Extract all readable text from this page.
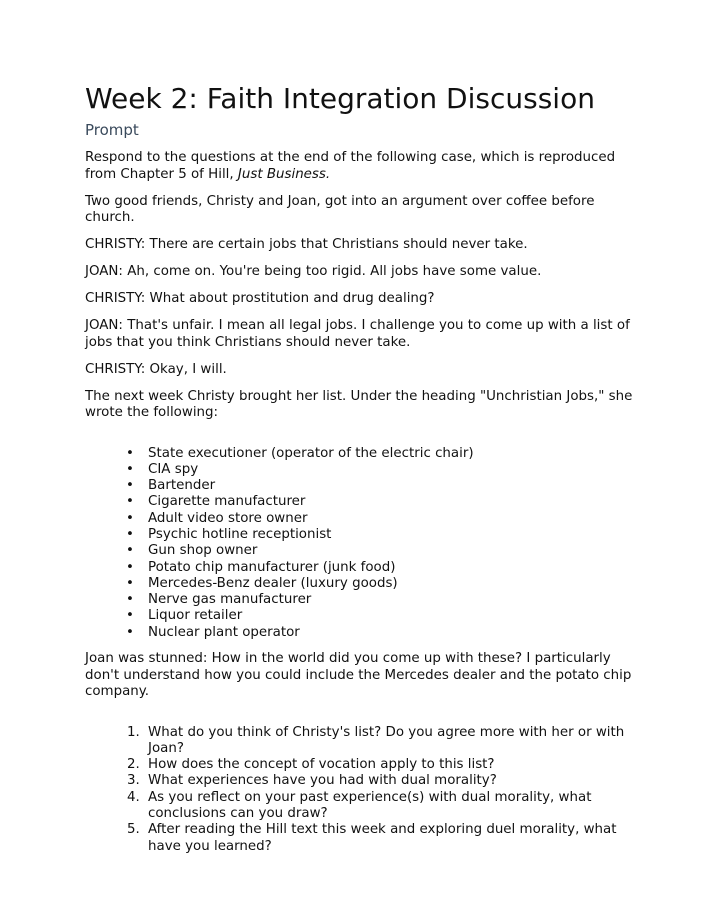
Week 2: Faith Integration Discussion
Prompt

Respond to the questions at the end of the following case, which is reproduced from Chapter 5 of Hill, Just Business.

Two good friends, Christy and Joan, got into an argument over coffee before church.

CHRISTY: There are certain jobs that Christians should never take.

JOAN: Ah, come on. You're being too rigid. All jobs have some value.

CHRISTY: What about prostitution and drug dealing?

JOAN: That's unfair. I mean all legal jobs. I challenge you to come up with a list of jobs that you think Christians should never take.

CHRISTY: Okay, I will.

The next week Christy brought her list. Under the heading "Unchristian Jobs," she wrote the following:

• State executioner (operator of the electric chair)
• CIA spy
• Bartender
• Cigarette manufacturer
• Adult video store owner
• Psychic hotline receptionist
• Gun shop owner
• Potato chip manufacturer (junk food)
• Mercedes-Benz dealer (luxury goods)
• Nerve gas manufacturer
• Liquor retailer
• Nuclear plant operator

Joan was stunned: How in the world did you come up with these? I particularly don't understand how you could include the Mercedes dealer and the potato chip company.

1. What do you think of Christy's list? Do you agree more with her or with Joan?
2. How does the concept of vocation apply to this list?
3. What experiences have you had with dual morality?
4. As you reflect on your past experience(s) with dual morality, what conclusions can you draw?
5. After reading the Hill text this week and exploring duel morality, what have you learned?
